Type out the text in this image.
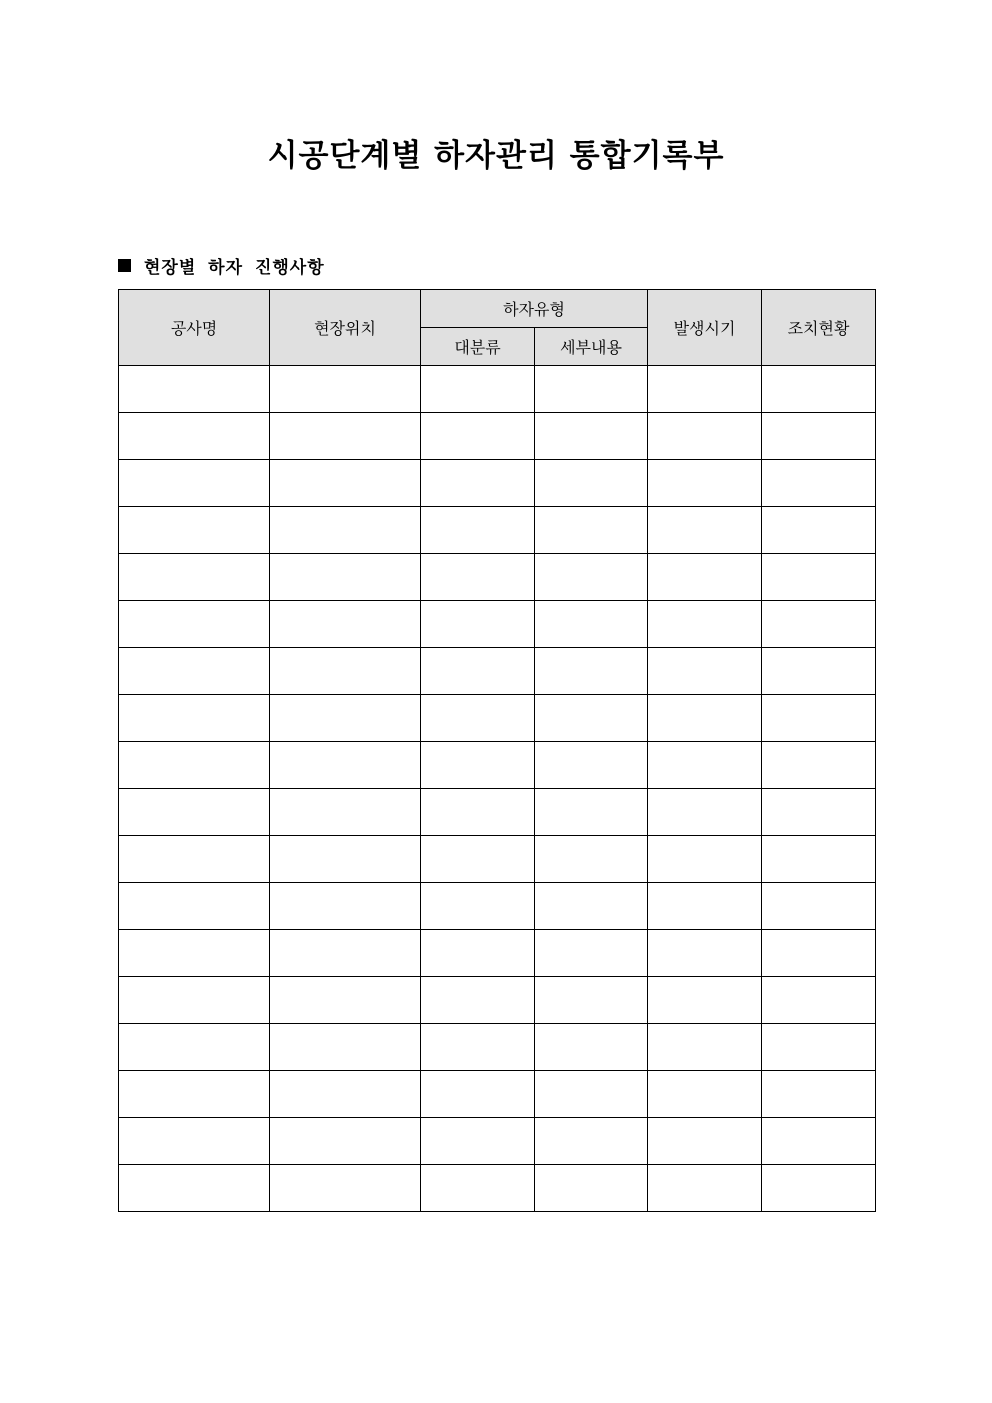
시공단계별 하자관리 통합기록부
현장별 하자 진행사항
공사명	현장위치	하자유형		발생시기	조치현황
		대분류	세부내용		
